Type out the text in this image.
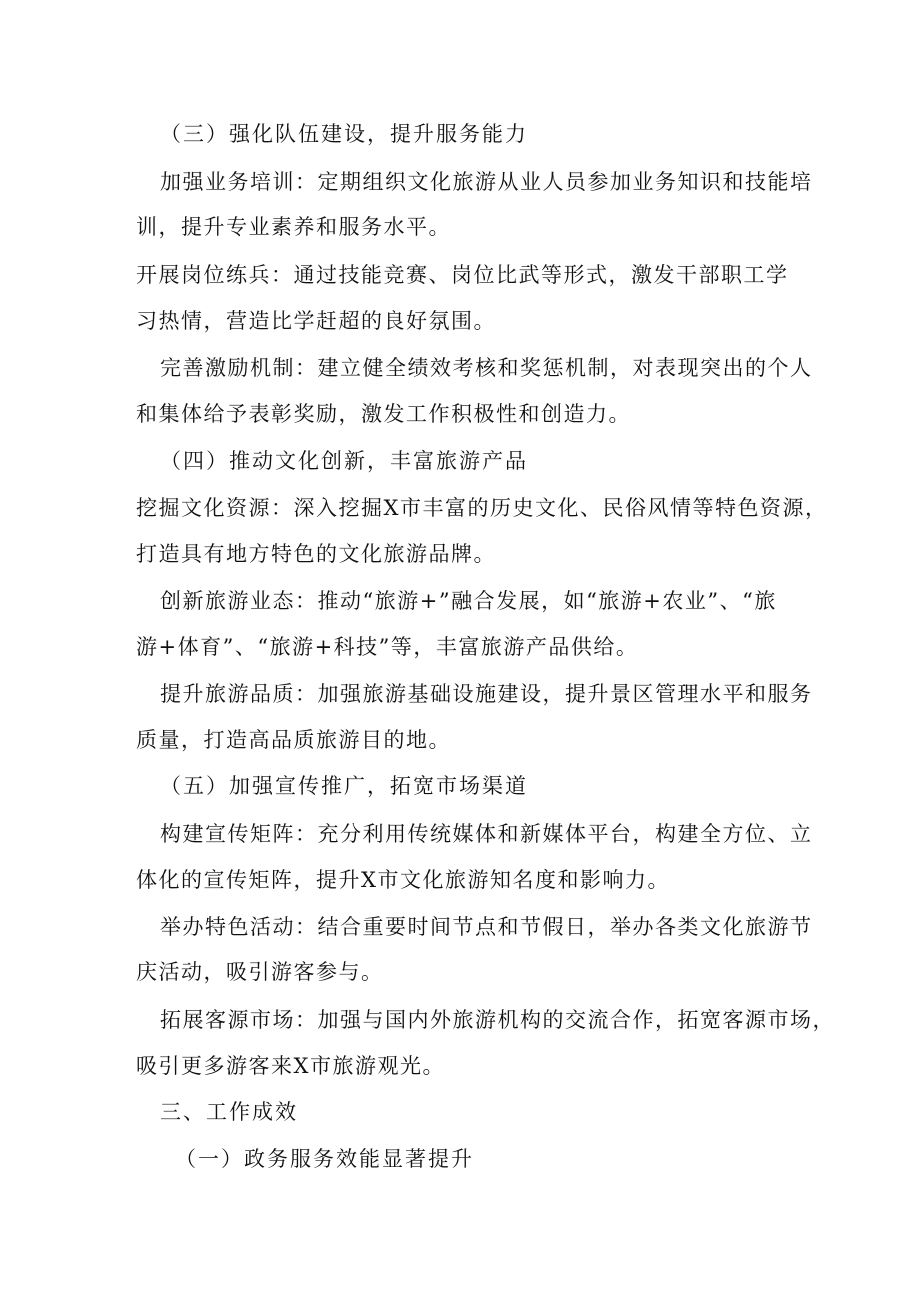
（三）强化队伍建设，提升服务能力

加强业务培训：定期组织文化旅游从业人员参加业务知识和技能培

训，提升专业素养和服务水平。

开展岗位练兵：通过技能竞赛、岗位比武等形式，激发干部职工学

习热情，营造比学赶超的良好氛围。

完善激励机制：建立健全绩效考核和奖惩机制，对表现突出的个人

和集体给予表彰奖励，激发工作积极性和创造力。

（四）推动文化创新，丰富旅游产品

挖掘文化资源：深入挖掘X市丰富的历史文化、民俗风情等特色资源，

打造具有地方特色的文化旅游品牌。

创新旅游业态：推动“旅游+”融合发展，如“旅游+农业”、“旅

游+体育”、“旅游+科技”等，丰富旅游产品供给。

提升旅游品质：加强旅游基础设施建设，提升景区管理水平和服务

质量，打造高品质旅游目的地。

（五）加强宣传推广，拓宽市场渠道

构建宣传矩阵：充分利用传统媒体和新媒体平台，构建全方位、立

体化的宣传矩阵，提升X市文化旅游知名度和影响力。

举办特色活动：结合重要时间节点和节假日，举办各类文化旅游节

庆活动，吸引游客参与。

拓展客源市场：加强与国内外旅游机构的交流合作，拓宽客源市场，

吸引更多游客来X市旅游观光。

三、工作成效

（一）政务服务效能显著提升
